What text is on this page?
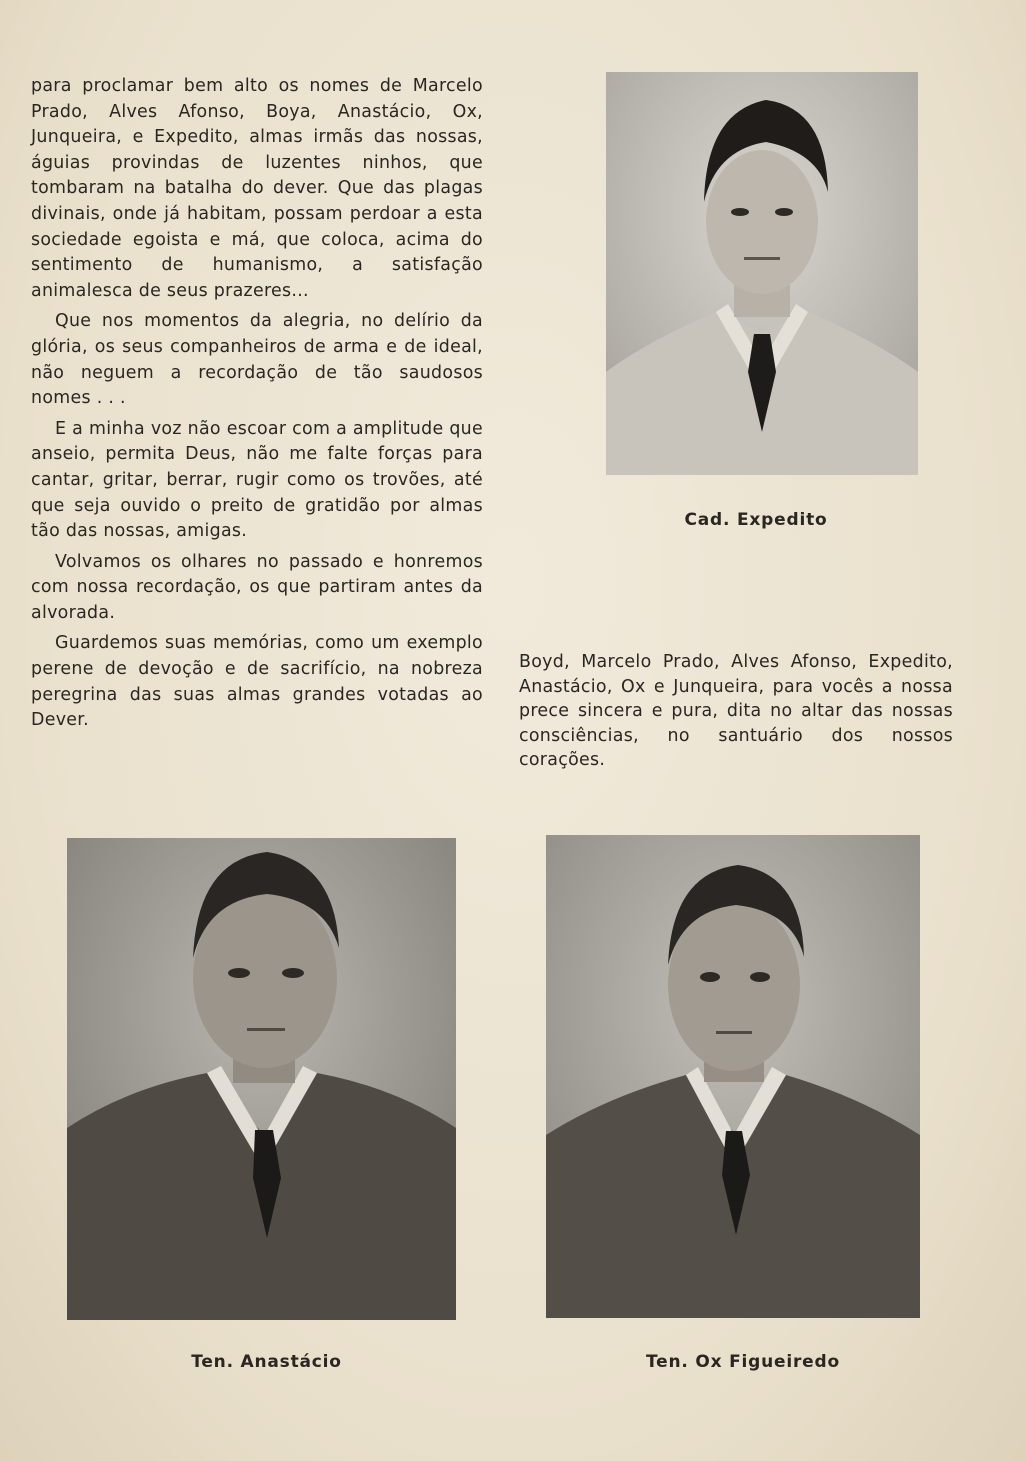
para proclamar bem alto os nomes de Marcelo Prado, Alves Afonso, Boya, Anastácio, Ox, Junqueira, e Expedito, almas irmãs das nossas, águias provindas de luzentes ninhos, que tombaram na batalha do dever. Que das plagas divinais, onde já habitam, possam perdoar a esta sociedade egoista e má, que coloca, acima do sentimento de humanismo, a satisfação animalesca de seus prazeres...

Que nos momentos da alegria, no delírio da glória, os seus companheiros de arma e de ideal, não neguem a recordação de tão saudosos nomes . . .

E a minha voz não escoar com a amplitude que anseio, permita Deus, não me falte forças para cantar, gritar, berrar, rugir como os trovões, até que seja ouvido o preito de gratidão por almas tão das nossas, amigas.

Volvamos os olhares no passado e honremos com nossa recordação, os que partiram antes da alvorada.

Guardemos suas memórias, como um exemplo perene de devoção e de sacrifício, na nobreza peregrina das suas almas grandes votadas ao Dever.

Cad. Expedito

Boyd, Marcelo Prado, Alves Afonso, Expedito, Anastácio, Ox e Junqueira, para vocês a nossa prece sincera e pura, dita no altar das nossas consciências, no santuário dos nossos corações.

Ten. Anastácio	Ten. Ox Figueiredo
